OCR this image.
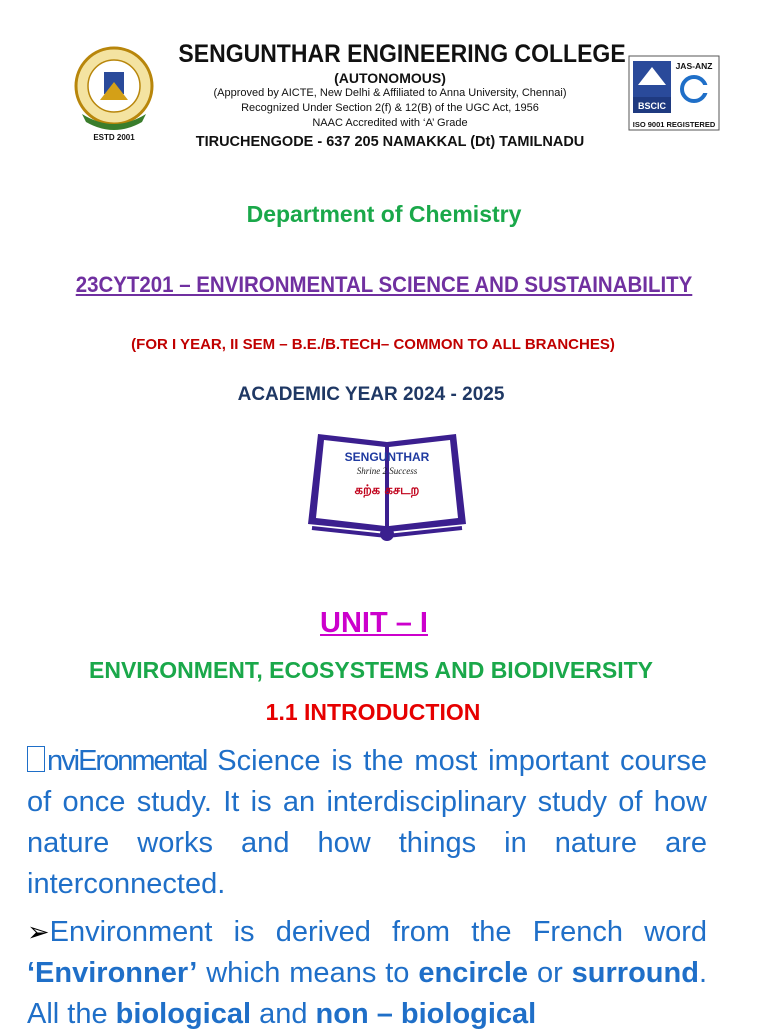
ESTD 2001
SENGUNTHAR ENGINEERING COLLEGE
(AUTONOMOUS)
(Approved by AICTE, New Delhi & Affiliated to Anna University, Chennai)
Recognized Under Section 2(f) & 12(B) of the UGC Act, 1956
NAAC Accredited with ‘A’ Grade
TIRUCHENGODE - 637 205 NAMAKKAL (Dt) TAMILNADU
BSCIC
JAS-ANZ
ISO 9001 REGISTERED
Department of Chemistry
23CYT201 – ENVIRONMENTAL SCIENCE AND SUSTAINABILITY
(FOR I YEAR, II SEM – B.E./B.TECH– COMMON TO ALL BRANCHES)
ACADEMIC YEAR 2024 - 2025
SENGUNTHAR
Shrine 2 Success
கற்க கசடற
UNIT – I
ENVIRONMENT, ECOSYSTEMS AND BIODIVERSITY
1.1 INTRODUCTION
nviEronmental Science is the most important course of once study. It is an interdisciplinary study of how nature works and how things in nature are interconnected.
➢Environment is derived from the French word ‘Environner’ which means to encircle or surround. All the biological and non – biological
